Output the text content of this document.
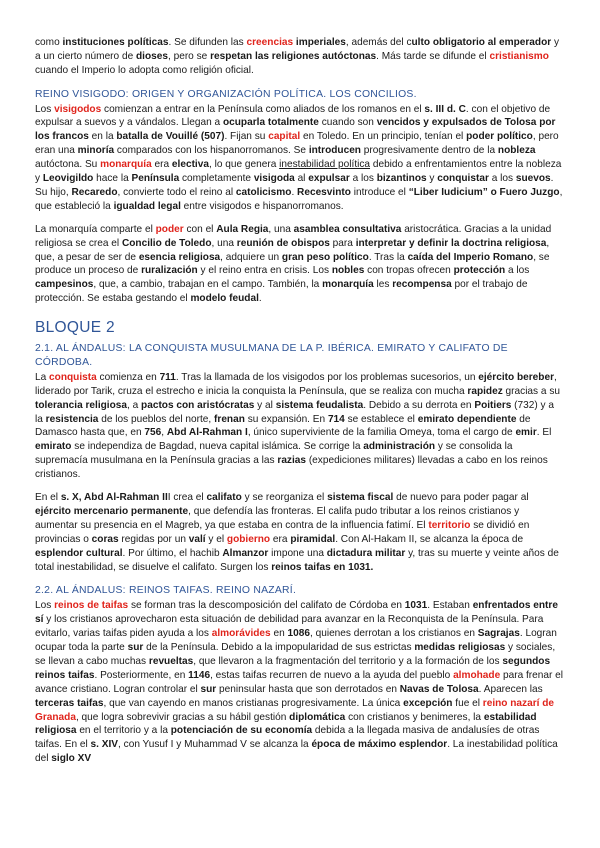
como instituciones políticas. Se difunden las creencias imperiales, además del culto obligatorio al emperador y a un cierto número de dioses, pero se respetan las religiones autóctonas. Más tarde se difunde el cristianismo cuando el Imperio lo adopta como religión oficial.

REINO VISIGODO: ORIGEN Y ORGANIZACIÓN POLÍTICA. LOS CONCILIOS.

Los visigodos comienzan a entrar en la Península como aliados de los romanos en el s. III d. C. con el objetivo de expulsar a suevos y a vándalos. Llegan a ocuparla totalmente cuando son vencidos y expulsados de Tolosa por los francos en la batalla de Vouillé (507). Fijan su capital en Toledo. En un principio, tenían el poder político, pero eran una minoría comparados con los hispanorromanos. Se introducen progresivamente dentro de la nobleza autóctona. Su monarquía era electiva, lo que genera inestabilidad política debido a enfrentamientos entre la nobleza y Leovigildo hace la Península completamente visigoda al expulsar a los bizantinos y conquistar a los suevos. Su hijo, Recaredo, convierte todo el reino al catolicismo. Recesvinto introduce el “Liber Iudicium” o Fuero Juzgo, que estableció la igualdad legal entre visigodos e hispanorromanos.

La monarquía comparte el poder con el Aula Regia, una asamblea consultativa aristocrática. Gracias a la unidad religiosa se crea el Concilio de Toledo, una reunión de obispos para interpretar y definir la doctrina religiosa, que, a pesar de ser de esencia religiosa, adquiere un gran peso político. Tras la caída del Imperio Romano, se produce un proceso de ruralización y el reino entra en crisis. Los nobles con tropas ofrecen protección a los campesinos, que, a cambio, trabajan en el campo. También, la monarquía les recompensa por el trabajo de protección. Se estaba gestando el modelo feudal.

BLOQUE 2
2.1. AL ÁNDALUS: LA CONQUISTA MUSULMANA DE LA P. IBÉRICA. EMIRATO Y CALIFATO DE CÓRDOBA.

La conquista comienza en 711. Tras la llamada de los visigodos por los problemas sucesorios, un ejército bereber, liderado por Tarik, cruza el estrecho e inicia la conquista la Península, que se realiza con mucha rapidez gracias a su tolerancia religiosa, a pactos con aristócratas y al sistema feudalista. Debido a su derrota en Poitiers (732) y a la resistencia de los pueblos del norte, frenan su expansión. En 714 se establece el emirato dependiente de Damasco hasta que, en 756, Abd Al-Rahman I, único superviviente de la familia Omeya, toma el cargo de emir. El emirato se independiza de Bagdad, nueva capital islámica. Se corrige la administración y se consolida la supremacía musulmana en la Península gracias a las razias (expediciones militares) llevadas a cabo en los reinos cristianos.

En el s. X, Abd Al-Rahman III crea el califato y se reorganiza el sistema fiscal de nuevo para poder pagar al ejército mercenario permanente, que defendía las fronteras. El califa pudo tributar a los reinos cristianos y aumentar su presencia en el Magreb, ya que estaba en contra de la influencia fatimí. El territorio se dividió en provincias o coras regidas por un valí y el gobierno era piramidal. Con Al-Hakam II, se alcanza la época de esplendor cultural. Por último, el hachib Almanzor impone una dictadura militar y, tras su muerte y veinte años de total inestabilidad, se disuelve el califato. Surgen los reinos taifas en 1031.

2.2. AL ÁNDALUS: REINOS TAIFAS. REINO NAZARÍ.

Los reinos de taifas se forman tras la descomposición del califato de Córdoba en 1031. Estaban enfrentados entre sí y los cristianos aprovecharon esta situación de debilidad para avanzar en la Reconquista de la Península. Para evitarlo, varias taifas piden ayuda a los almorávides en 1086, quienes derrotan a los cristianos en Sagrajas. Logran ocupar toda la parte sur de la Península. Debido a la impopularidad de sus estrictas medidas religiosas y sociales, se llevan a cabo muchas revueltas, que llevaron a la fragmentación del territorio y a la formación de los segundos reinos taifas. Posteriormente, en 1146, estas taifas recurren de nuevo a la ayuda del pueblo almohade para frenar el avance cristiano. Logran controlar el sur peninsular hasta que son derrotados en Navas de Tolosa. Aparecen las terceras taifas, que van cayendo en manos cristianas progresivamente. La única excepción fue el reino nazarí de Granada, que logra sobrevivir gracias a su hábil gestión diplomática con cristianos y benimeres, la estabilidad religiosa en el territorio y a la potenciación de su economía debida a la llegada masiva de andalusíes de otras taifas. En el s. XIV, con Yusuf I y Muhammad V se alcanza la época de máximo esplendor. La inestabilidad política del siglo XV
